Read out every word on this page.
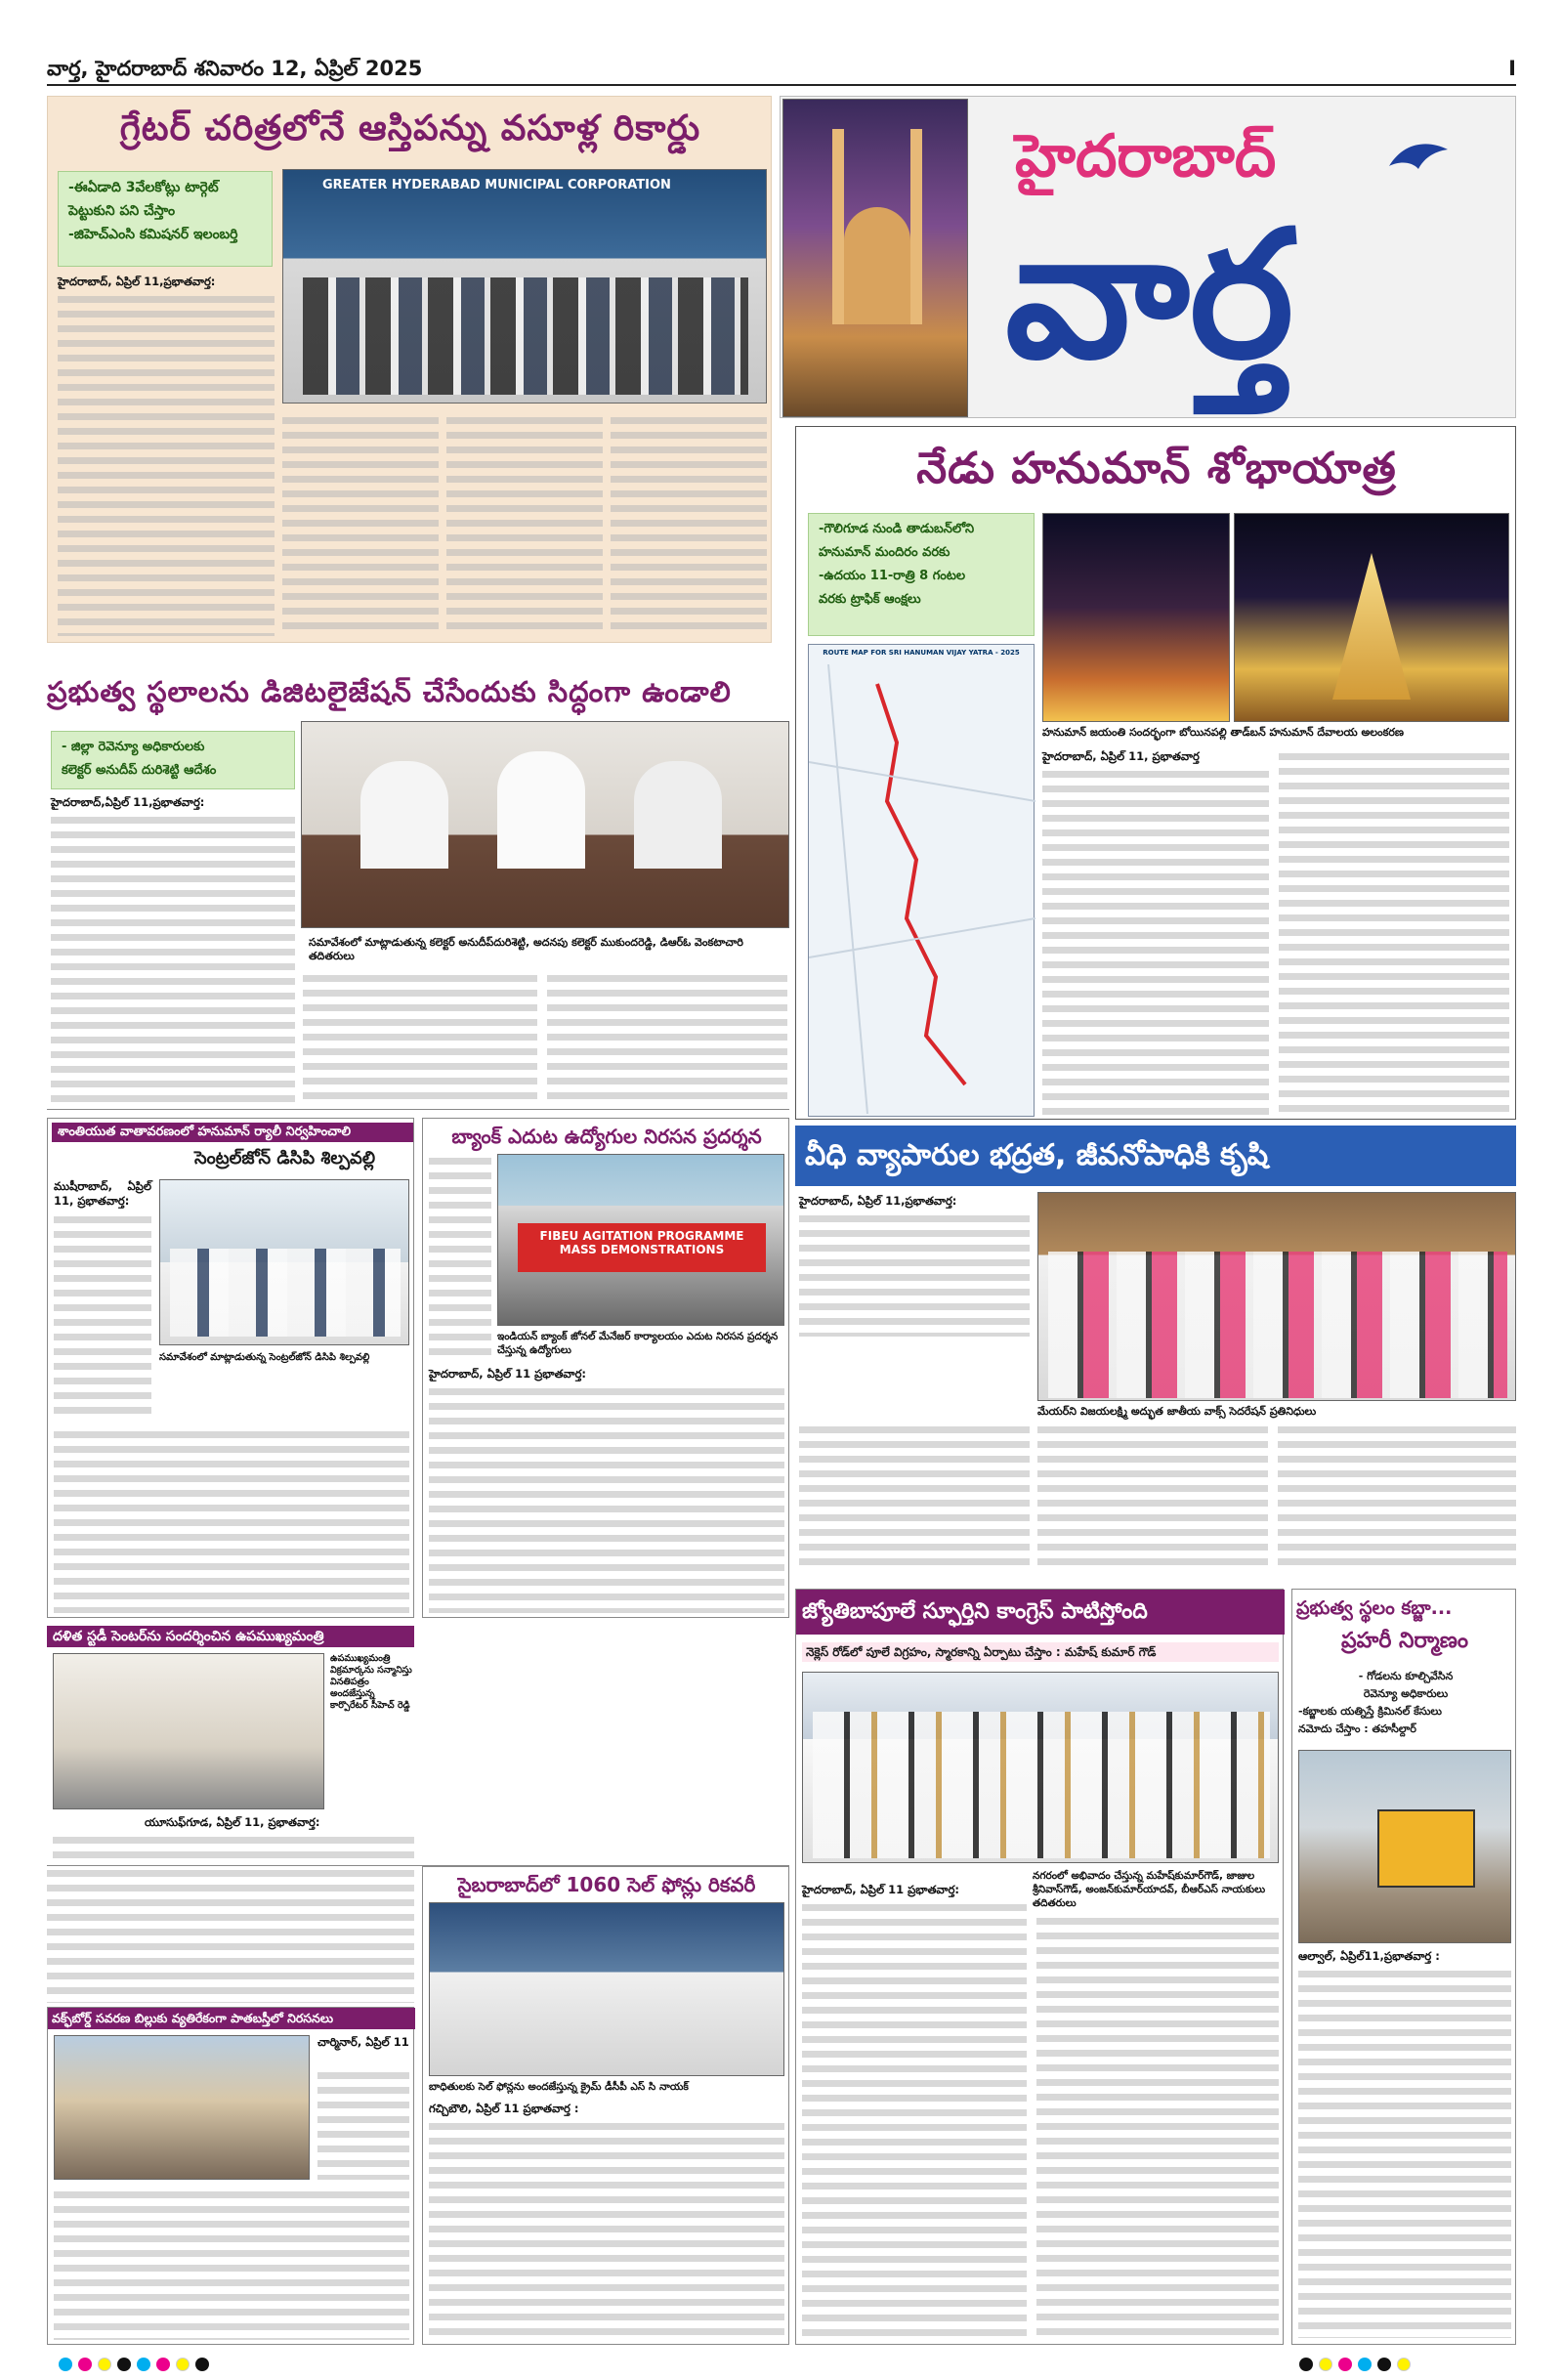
వార్త, హైదరాబాద్ శనివారం 12, ఏప్రిల్ 2025	I
గ్రేటర్ చరిత్రలోనే ఆస్తిపన్ను వసూళ్ల రికార్డు
-ఈఏడాది 3వేలకోట్లు టార్గెట్
పెట్టుకుని పని చేస్తాం
-జిహెచ్‌ఎంసి కమిషనర్ ఇలంబర్తి
GREATER HYDERABAD MUNICIPAL CORPORATION
హైదరాబాద్, ఏప్రిల్ 11,ప్రభాతవార్త:
హైదరాబాద్
వార్త
నేడు హనుమాన్ శోభాయాత్ర
-గౌలిగూడ నుండి తాడుబన్‌లోని
హనుమాన్ మందిరం వరకు
-ఉదయం 11-రాత్రి 8 గంటల
వరకు ట్రాఫిక్ ఆంక్షలు
ROUTE MAP FOR SRI HANUMAN VIJAY YATRA - 2025
హనుమాన్ జయంతి సందర్భంగా బోయినపల్లి తాడ్‌బన్ హనుమాన్ దేవాలయ అలంకరణ
హైదరాబాద్, ఏప్రిల్ 11, ప్రభాతవార్త
ప్రభుత్వ స్థలాలను డిజిటలైజేషన్ చేసేందుకు సిద్ధంగా ఉండాలి
- జిల్లా రెవెన్యూ అధికారులకు
కలెక్టర్ అనుదీప్ దురిశెట్టి ఆదేశం
సమావేశంలో మాట్లాడుతున్న కలెక్టర్ అనుదీప్‌దురిశెట్టి, అదనపు కలెక్టర్ ముకుందరెడ్డి, డిఆర్ఓ వెంకటాచారి తదితరులు
హైదరాబాద్,ఏప్రిల్ 11,ప్రభాతవార్త:
వీధి వ్యాపారుల భద్రత, జీవనోపాధికి కృషి
హైదరాబాద్, ఏప్రిల్ 11,ప్రభాతవార్త:
మేయర్‌ని విజయలక్ష్మి అద్భుత జాతీయ వాక్స్ సెదరేషన్ ప్రతినిధులు
శాంతియుత వాతావరణంలో హనుమాన్ ర్యాలీ నిర్వహించాలి
సెంట్రల్‌జోన్ డిసిపి శిల్పవల్లి
ముషీరాబాద్, ఏప్రిల్ 11, ప్రభాతవార్త:
సమావేశంలో మాట్లాడుతున్న సెంట్రల్‌జోన్ డిసిపి శిల్పవల్లి
బ్యాంక్ ఎదుట ఉద్యోగుల నిరసన ప్రదర్శన
FIBEU AGITATION PROGRAMME
MASS DEMONSTRATIONS
ఇండియన్ బ్యాంక్ జోనల్ మేనేజర్ కార్యాలయం ఎదుట నిరసన ప్రదర్శన చేస్తున్న ఉద్యోగులు
హైదరాబాద్, ఏప్రిల్ 11 ప్రభాతవార్త:
దళిత స్టడీ సెంటర్‌ను సందర్శించిన ఉపముఖ్యమంత్రి
ఉపముఖ్యమంత్రి విక్రమార్కను సన్మానిస్తు వినతిపత్రం అందజేస్తున్న కార్పొరేటర్ సీహెచ్ రెడ్డి
యూసుఫ్‌గూడ, ఏప్రిల్ 11, ప్రభాతవార్త:
సైబరాబాద్‌లో 1060 సెల్ ఫోన్లు రికవరీ
బాధితులకు సెల్ ఫోన్లను అందజేస్తున్న క్రైమ్ డీసీపీ ఎస్ సి నాయక్
గచ్చిబౌలి, ఏప్రిల్ 11 ప్రభాతవార్త :
వక్ఫ్‌బోర్డ్ సవరణ బిల్లుకు వ్యతిరేకంగా పాతబస్తీలో నిరసనలు
చార్మినార్, ఏప్రిల్ 11
జ్యోతిబాపూలే స్ఫూర్తిని కాంగ్రెస్ పాటిస్తోంది
నెక్లెస్ రోడ్‌లో పూలే విగ్రహం, స్మారకాన్ని ఏర్పాటు చేస్తాం : మహేష్ కుమార్ గౌడ్
నగరంలో అభివాదం చేస్తున్న మహేష్‌కుమార్‌గౌడ్, జాజుల శ్రీనివాస్‌గౌడ్, అంజన్‌కుమార్‌యాదవ్, బీఆర్‌ఎస్ నాయకులు తదితరులు
హైదరాబాద్, ఏప్రిల్ 11 ప్రభాతవార్త:
ప్రభుత్వ స్థలం కబ్జా...
ప్రహరీ నిర్మాణం
- గోడలను కూల్చివేసిన
రెవెన్యూ అధికారులు
-కబ్జాలకు యత్నిస్తే క్రిమినల్ కేసులు
నమోదు చేస్తాం : తహసీల్దార్
ఆల్వాల్, ఏప్రిల్11,ప్రభాతవార్త :
